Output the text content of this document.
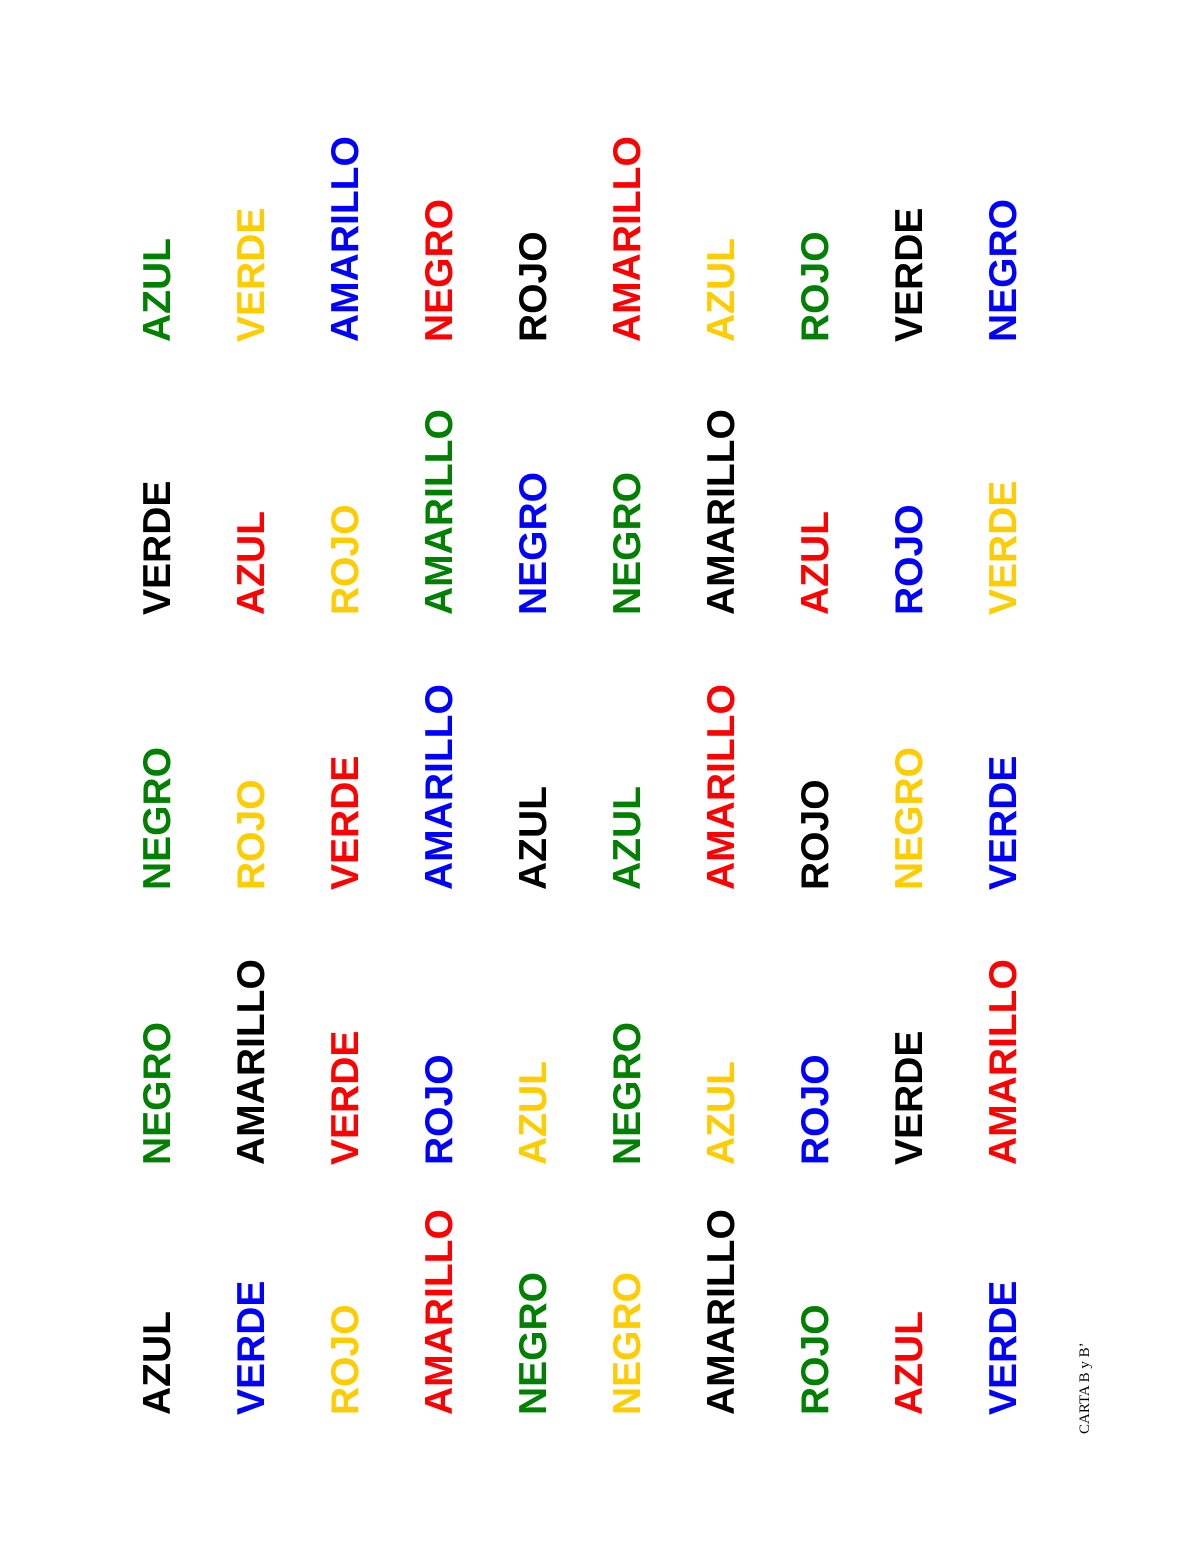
CARTA B y B’
AZUL VERDE AMARILLO NEGRO ROJO AMARILLO AZUL ROJO VERDE NEGRO
VERDE AZUL ROJO AMARILLO NEGRO NEGRO AMARILLO AZUL ROJO VERDE
NEGRO ROJO VERDE AMARILLO AZUL AZUL AMARILLO ROJO NEGRO VERDE
NEGRO AMARILLO VERDE ROJO AZUL NEGRO AZUL ROJO VERDE AMARILLO
AZUL VERDE ROJO AMARILLO NEGRO NEGRO AMARILLO ROJO AZUL VERDE
